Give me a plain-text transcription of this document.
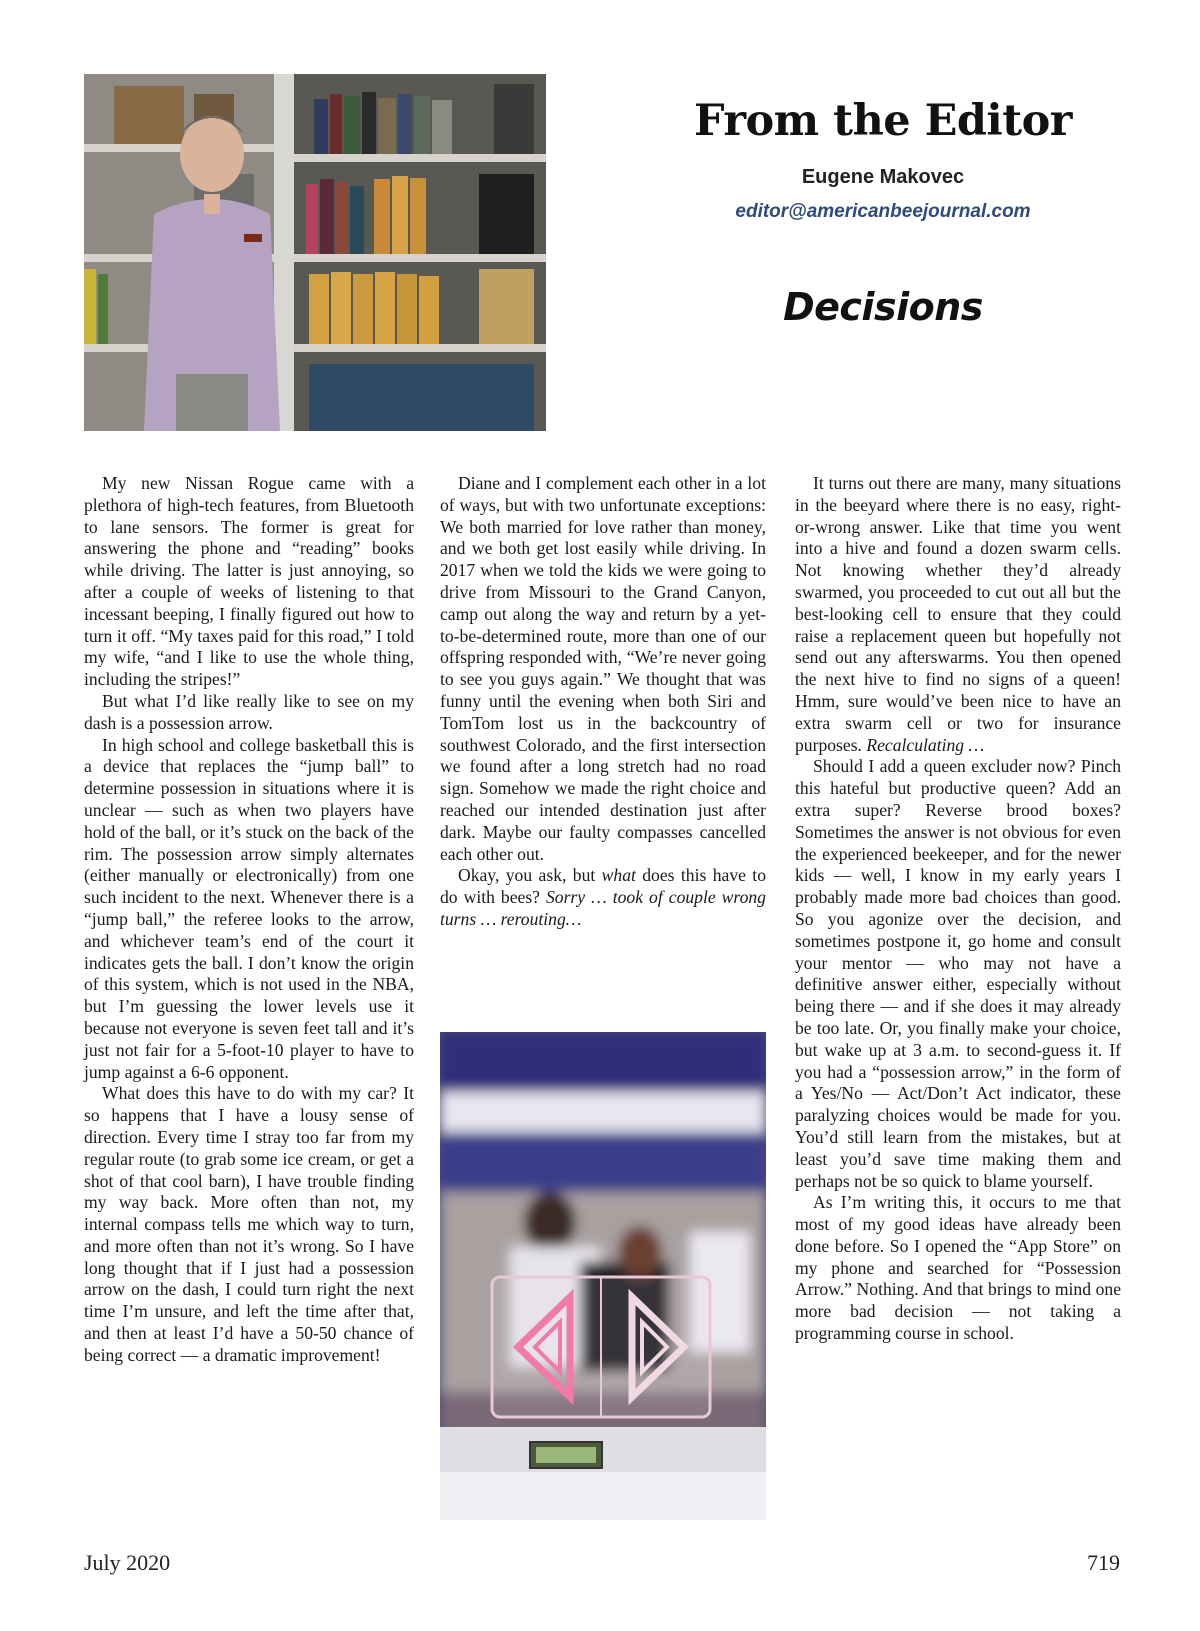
From the Editor
Eugene Makovec
editor@americanbeejournal.com
Decisions

My new Nissan Rogue came with a plethora of high-tech features, from Bluetooth to lane sensors. The former is great for answering the phone and “reading” books while driving. The latter is just annoying, so after a couple of weeks of listening to that incessant beeping, I finally figured out how to turn it off. “My taxes paid for this road,” I told my wife, “and I like to use the whole thing, including the stripes!”

But what I’d like really like to see on my dash is a possession arrow.

In high school and college basketball this is a device that replaces the “jump ball” to determine possession in situations where it is unclear — such as when two players have hold of the ball, or it’s stuck on the back of the rim. The possession arrow simply alternates (either manually or electronically) from one such incident to the next. Whenever there is a “jump ball,” the referee looks to the arrow, and whichever team’s end of the court it indicates gets the ball. I don’t know the origin of this system, which is not used in the NBA, but I’m guessing the lower levels use it because not everyone is seven feet tall and it’s just not fair for a 5-foot-10 player to have to jump against a 6-6 opponent.

What does this have to do with my car? It so happens that I have a lousy sense of direction. Every time I stray too far from my regular route (to grab some ice cream, or get a shot of that cool barn), I have trouble finding my way back. More often than not, my internal compass tells me which way to turn, and more often than not it’s wrong. So I have long thought that if I just had a possession arrow on the dash, I could turn right the next time I’m unsure, and left the time after that, and then at least I’d have a 50-50 chance of being correct — a dramatic improvement!

Diane and I complement each other in a lot of ways, but with two unfortunate exceptions: We both married for love rather than money, and we both get lost easily while driving. In 2017 when we told the kids we were going to drive from Missouri to the Grand Canyon, camp out along the way and return by a yet-to-be-determined route, more than one of our offspring responded with, “We’re never going to see you guys again.” We thought that was funny until the evening when both Siri and TomTom lost us in the backcountry of southwest Colorado, and the first intersection we found after a long stretch had no road sign. Somehow we made the right choice and reached our intended destination just after dark. Maybe our faulty compasses cancelled each other out.

Okay, you ask, but what does this have to do with bees? Sorry … took of couple wrong turns … rerouting…

It turns out there are many, many situations in the beeyard where there is no easy, right-or-wrong answer. Like that time you went into a hive and found a dozen swarm cells. Not knowing whether they’d already swarmed, you proceeded to cut out all but the best-looking cell to ensure that they could raise a replacement queen but hopefully not send out any afterswarms. You then opened the next hive to find no signs of a queen! Hmm, sure would’ve been nice to have an extra swarm cell or two for insurance purposes. Recalculating …

Should I add a queen excluder now? Pinch this hateful but productive queen? Add an extra super? Reverse brood boxes? Sometimes the answer is not obvious for even the experienced beekeeper, and for the newer kids — well, I know in my early years I probably made more bad choices than good. So you agonize over the decision, and sometimes postpone it, go home and consult your mentor — who may not have a definitive answer either, especially without being there — and if she does it may already be too late. Or, you finally make your choice, but wake up at 3 a.m. to second-guess it. If you had a “possession arrow,” in the form of a Yes/No — Act/Don’t Act indicator, these paralyzing choices would be made for you. You’d still learn from the mistakes, but at least you’d save time making them and perhaps not be so quick to blame yourself.

As I’m writing this, it occurs to me that most of my good ideas have already been done before. So I opened the “App Store” on my phone and searched for “Possession Arrow.” Nothing. And that brings to mind one more bad decision — not taking a programming course in school.

July 2020	719
